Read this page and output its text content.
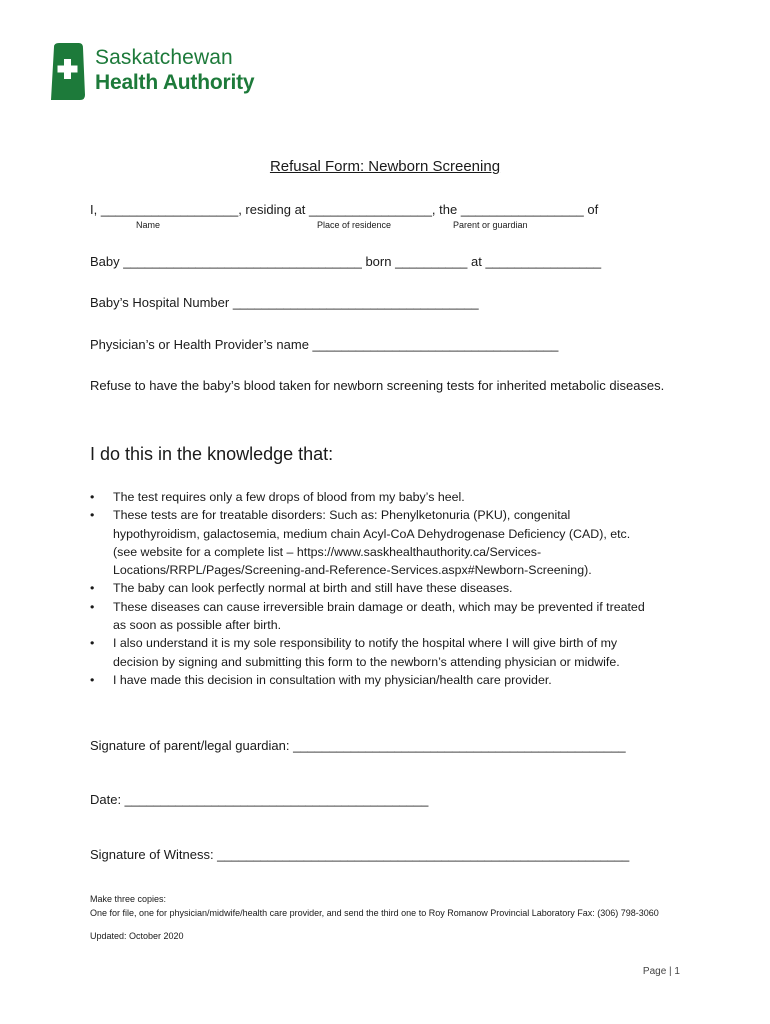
Saskatchewan
Health Authority
Refusal Form: Newborn Screening
I, ___________________, residing at _________________, the _________________ of
Name	Place of residence	Parent or guardian
Baby _________________________________ born __________ at ________________
Baby’s Hospital Number __________________________________
Physician’s or Health Provider’s name __________________________________
Refuse to have the baby’s blood taken for newborn screening tests for inherited metabolic diseases.
I do this in the knowledge that:
• The test requires only a few drops of blood from my baby’s heel.
• These tests are for treatable disorders: Such as: Phenylketonuria (PKU), congenital
hypothyroidism, galactosemia, medium chain Acyl-CoA Dehydrogenase Deficiency (CAD), etc.
(see website for a complete list – https://www.saskhealthauthority.ca/Services-
Locations/RRPL/Pages/Screening-and-Reference-Services.aspx#Newborn-Screening).
• The baby can look perfectly normal at birth and still have these diseases.
• These diseases can cause irreversible brain damage or death, which may be prevented if treated
as soon as possible after birth.
• I also understand it is my sole responsibility to notify the hospital where I will give birth of my
decision by signing and submitting this form to the newborn’s attending physician or midwife.
• I have made this decision in consultation with my physician/health care provider.
Signature of parent/legal guardian: ______________________________________________
Date: __________________________________________
Signature of Witness: _________________________________________________________
Make three copies:
One for file, one for physician/midwife/health care provider, and send the third one to Roy Romanow Provincial Laboratory Fax: (306) 798-3060
Updated: October 2020
Page | 1
